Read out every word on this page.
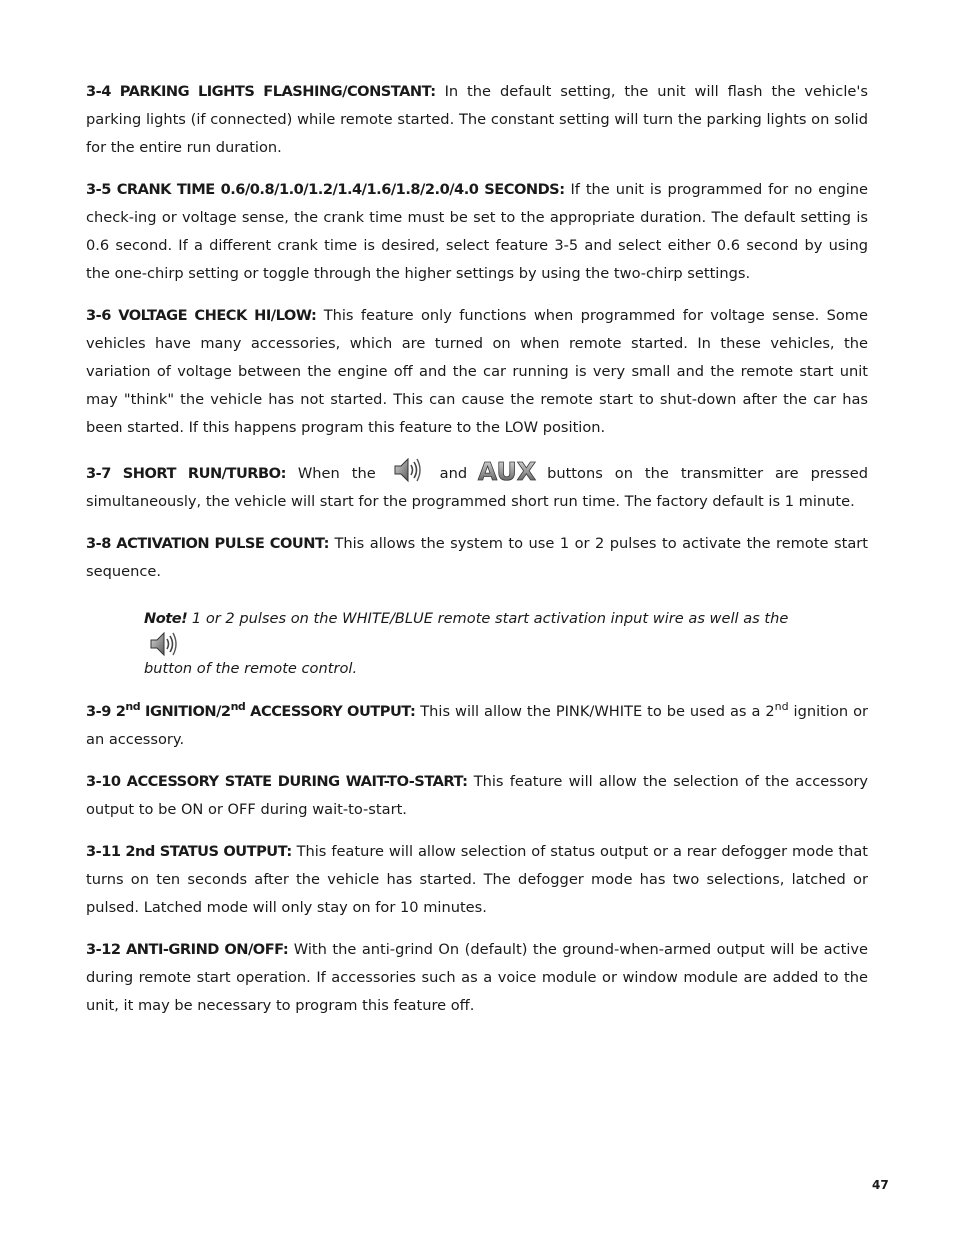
3-4 PARKING LIGHTS FLASHING/CONSTANT: In the default setting, the unit will flash the vehicle's parking lights (if connected) while remote started. The constant setting will turn the parking lights on solid for the entire run duration.

3-5 CRANK TIME 0.6/0.8/1.0/1.2/1.4/1.6/1.8/2.0/4.0 SECONDS: If the unit is programmed for no engine check-ing or voltage sense, the crank time must be set to the appropriate duration. The default setting is 0.6 second. If a different crank time is desired, select feature 3-5 and select either 0.6 second by using the one-chirp setting or toggle through the higher settings by using the two-chirp settings.

3-6 VOLTAGE CHECK HI/LOW: This feature only functions when programmed for voltage sense. Some vehicles have many accessories, which are turned on when remote started. In these vehicles, the variation of voltage between the engine off and the car running is very small and the remote start unit may "think" the vehicle has not started. This can cause the remote start to shut-down after the car has been started. If this happens program this feature to the LOW position.

3-7 SHORT RUN/TURBO: When the	and
AUX
buttons on the transmitter are pressed simultaneously, the vehicle will start for the programmed short run time. The factory default is 1 minute.

3-8 ACTIVATION PULSE COUNT: This allows the system to use 1 or 2 pulses to activate the remote start sequence.

Note! 1 or 2 pulses on the WHITE/BLUE remote start activation input wire as well as the
button of the remote control.

3-9 2nd IGNITION/2nd ACCESSORY OUTPUT: This will allow the PINK/WHITE to be used as a 2nd ignition or an accessory.

3-10 ACCESSORY STATE DURING WAIT-TO-START: This feature will allow the selection of the accessory output to be ON or OFF during wait-to-start.

3-11 2nd STATUS OUTPUT: This feature will allow selection of status output or a rear defogger mode that turns on ten seconds after the vehicle has started. The defogger mode has two selections, latched or pulsed. Latched mode will only stay on for 10 minutes.

3-12 ANTI-GRIND ON/OFF: With the anti-grind On (default) the ground-when-armed output will be active during remote start operation. If accessories such as a voice module or window module are added to the unit, it may be necessary to program this feature off.

47
